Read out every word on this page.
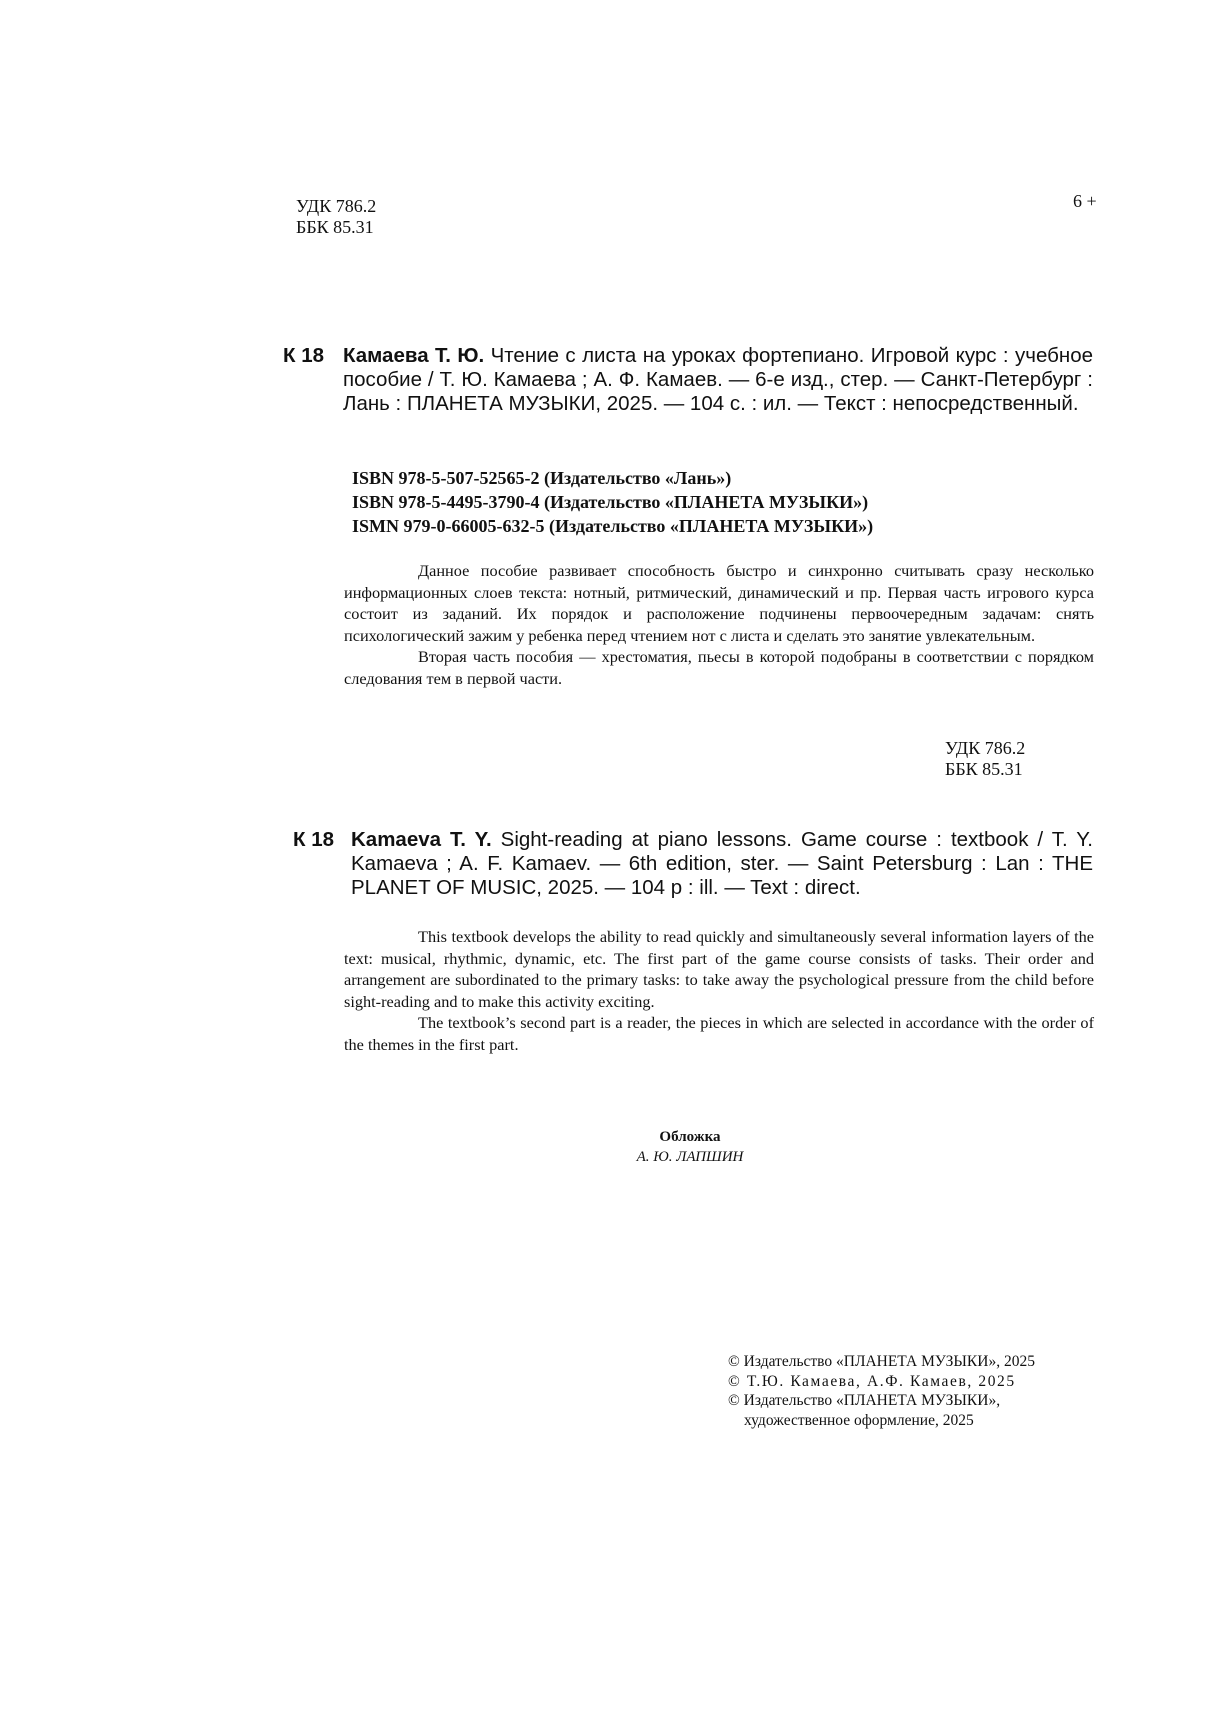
УДК 786.2
ББК 85.31
6 +
К 18 Камаева Т. Ю. Чтение с листа на уроках фортепиано. Игровой курс : учебное пособие / Т. Ю. Камаева ; А. Ф. Камаев. — 6-е изд., стер. — Санкт-Петербург : Лань : ПЛАНЕТА МУЗЫКИ, 2025. — 104 с. : ил. — Текст : непосредственный.
ISBN 978-5-507-52565-2 (Издательство «Лань»)
ISBN 978-5-4495-3790-4 (Издательство «ПЛАНЕТА МУЗЫКИ»)
ISMN 979-0-66005-632-5 (Издательство «ПЛАНЕТА МУЗЫКИ»)

Данное пособие развивает способность быстро и синхронно считывать сразу несколько информационных слоев текста: нотный, ритмический, динамический и пр. Первая часть игрового курса состоит из заданий. Их порядок и расположение подчинены первоочередным задачам: снять психологический зажим у ребенка перед чтением нот с листа и сделать это занятие увлекательным.

Вторая часть пособия — хрестоматия, пьесы в которой подобраны в соответствии с порядком следования тем в первой части.

УДК 786.2
ББК 85.31
К 18 Kamaeva T. Y. Sight-reading at piano lessons. Game course : textbook / T. Y. Kamaeva ; A. F. Kamaev. — 6th edition, ster. — Saint Petersburg : Lan : THE PLANET OF MUSIC, 2025. — 104 p : ill. — Text : direct.

This textbook develops the ability to read quickly and simultaneously several information layers of the text: musical, rhythmic, dynamic, etc. The first part of the game course consists of tasks. Their order and arrangement are subordinated to the primary tasks: to take away the psychological pressure from the child before sight-reading and to make this activity exciting.

The textbook’s second part is a reader, the pieces in which are selected in accordance with the order of the themes in the first part.

Обложка
А. Ю. ЛАПШИН
© Издательство «ПЛАНЕТА МУЗЫКИ», 2025
© Т.Ю. Камаева, А.Ф. Камаев, 2025
© Издательство «ПЛАНЕТА МУЗЫКИ»,
художественное оформление, 2025
